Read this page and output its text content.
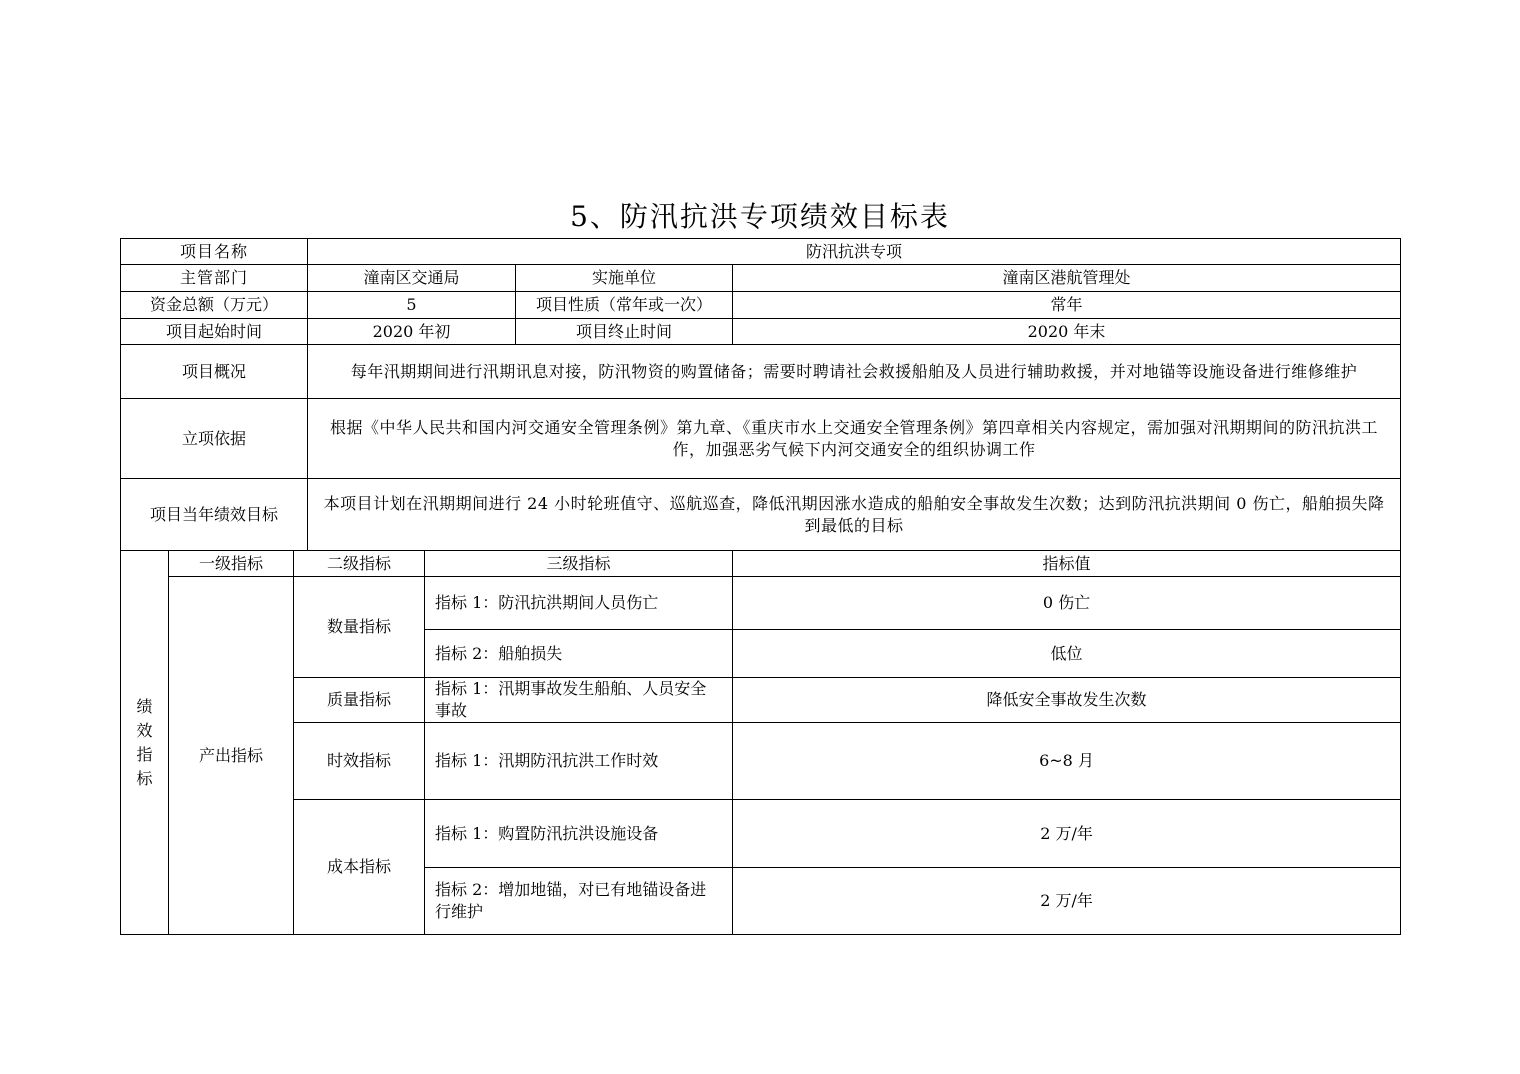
5、防汛抗洪专项绩效目标表
项目名称			防汛抗洪专项			
主管部门			潼南区交通局		实施单位	潼南区港航管理处
资金总额（万元）			5		项目性质（常年或一次）	常年
项目起始时间			2020 年初		项目终止时间	2020 年末
项目概况			每年汛期期间进行汛期讯息对接，防汛物资的购置储备；需要时聘请社会救援船舶及人员进行辅助救援，并对地锚等设施设备进行维修维护			
立项依据			根据《中华人民共和国内河交通安全管理条例》第九章、《重庆市水上交通安全管理条例》第四章相关内容规定，需加强对汛期期间的防汛抗洪工作，加强恶劣气候下内河交通安全的组织协调工作			
项目当年绩效目标			本项目计划在汛期期间进行 24 小时轮班值守、巡航巡查，降低汛期因涨水造成的船舶安全事故发生次数；达到防汛抗洪期间 0 伤亡，船舶损失降到最低的目标			
绩效指标	一级指标	二级指标		三级指标		指标值
	产出指标	数量指标		指标 1：防汛抗洪期间人员伤亡		0 伤亡
				指标 2：船舶损失		低位
		质量指标		指标 1：汛期事故发生船舶、人员安全事故		降低安全事故发生次数
		时效指标		指标 1：汛期防汛抗洪工作时效		6~8 月
		成本指标		指标 1：购置防汛抗洪设施设备		2 万/年
				指标 2：增加地锚，对已有地锚设备进行维护		2 万/年
